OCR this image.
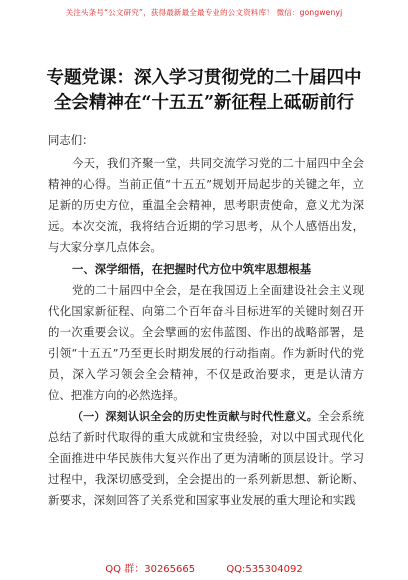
关注头条号“公文研究”，获得最新最全最专业的公文资料库！ 微信：gongwenyj
专题党课：深入学习贯彻党的二十届四中
全会精神在“十五五”新征程上砥砺前行
同志们：

今天，我们齐聚一堂，共同交流学习党的二十届四中全会精神的心得。当前正值“十五五”规划开局起步的关键之年，立足新的历史方位，重温全会精神，思考职责使命，意义尤为深远。本次交流，我将结合近期的学习思考，从个人感悟出发，与大家分享几点体会。

一、深学细悟，在把握时代方位中筑牢思想根基

党的二十届四中全会，是在我国迈上全面建设社会主义现代化国家新征程、向第二个百年奋斗目标进军的关键时刻召开的一次重要会议。全会擘画的宏伟蓝图、作出的战略部署，是引领“十五五”乃至更长时期发展的行动指南。作为新时代的党员，深入学习领会全会精神，不仅是政治要求，更是认清方位、把准方向的必然选择。

（一）深刻认识全会的历史性贡献与时代性意义。全会系统总结了新时代取得的重大成就和宝贵经验，对以中国式现代化全面推进中华民族伟大复兴作出了更为清晰的顶层设计。学习过程中，我深切感受到，全会提出的一系列新思想、新论断、新要求，深刻回答了关系党和国家事业发展的重大理论和实践

QQ 群：30265665	QQ:535304092
